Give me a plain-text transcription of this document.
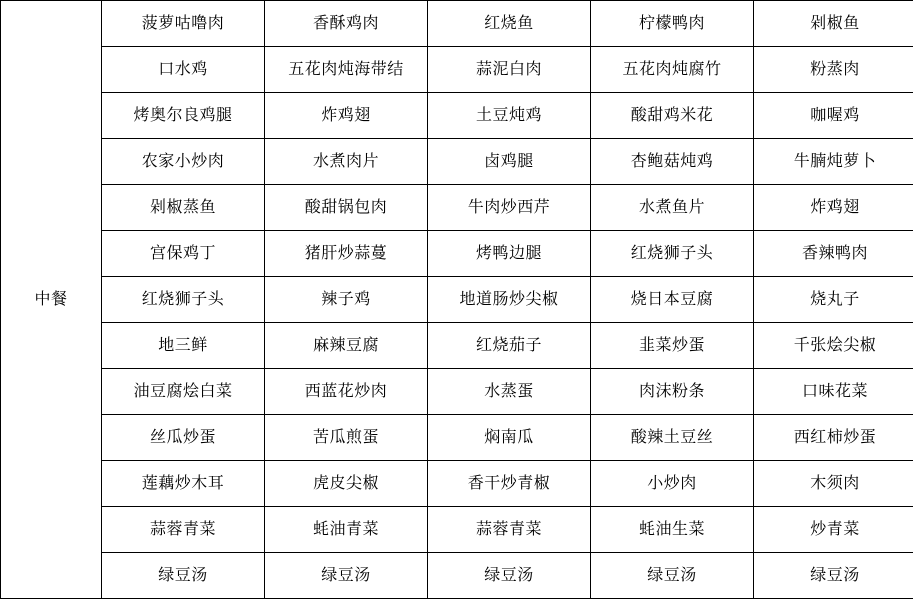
中餐	菠萝咕噜肉	香酥鸡肉	红烧鱼	柠檬鸭肉	剁椒鱼
	口水鸡	五花肉炖海带结	蒜泥白肉	五花肉炖腐竹	粉蒸肉
	烤奥尔良鸡腿	炸鸡翅	土豆炖鸡	酸甜鸡米花	咖喔鸡
	农家小炒肉	水煮肉片	卤鸡腿	杏鲍菇炖鸡	牛腩炖萝卜
	剁椒蒸鱼	酸甜锅包肉	牛肉炒西芹	水煮鱼片	炸鸡翅
	宫保鸡丁	猪肝炒蒜蔓	烤鸭边腿	红烧狮子头	香辣鸭肉
	红烧狮子头	辣子鸡	地道肠炒尖椒	烧日本豆腐	烧丸子
	地三鲜	麻辣豆腐	红烧茄子	韭菜炒蛋	千张烩尖椒
	油豆腐烩白菜	西蓝花炒肉	水蒸蛋	肉沫粉条	口味花菜
	丝瓜炒蛋	苦瓜煎蛋	焖南瓜	酸辣土豆丝	西红柿炒蛋
	莲藕炒木耳	虎皮尖椒	香干炒青椒	小炒肉	木须肉
	蒜蓉青菜	蚝油青菜	蒜蓉青菜	蚝油生菜	炒青菜
	绿豆汤	绿豆汤	绿豆汤	绿豆汤	绿豆汤
